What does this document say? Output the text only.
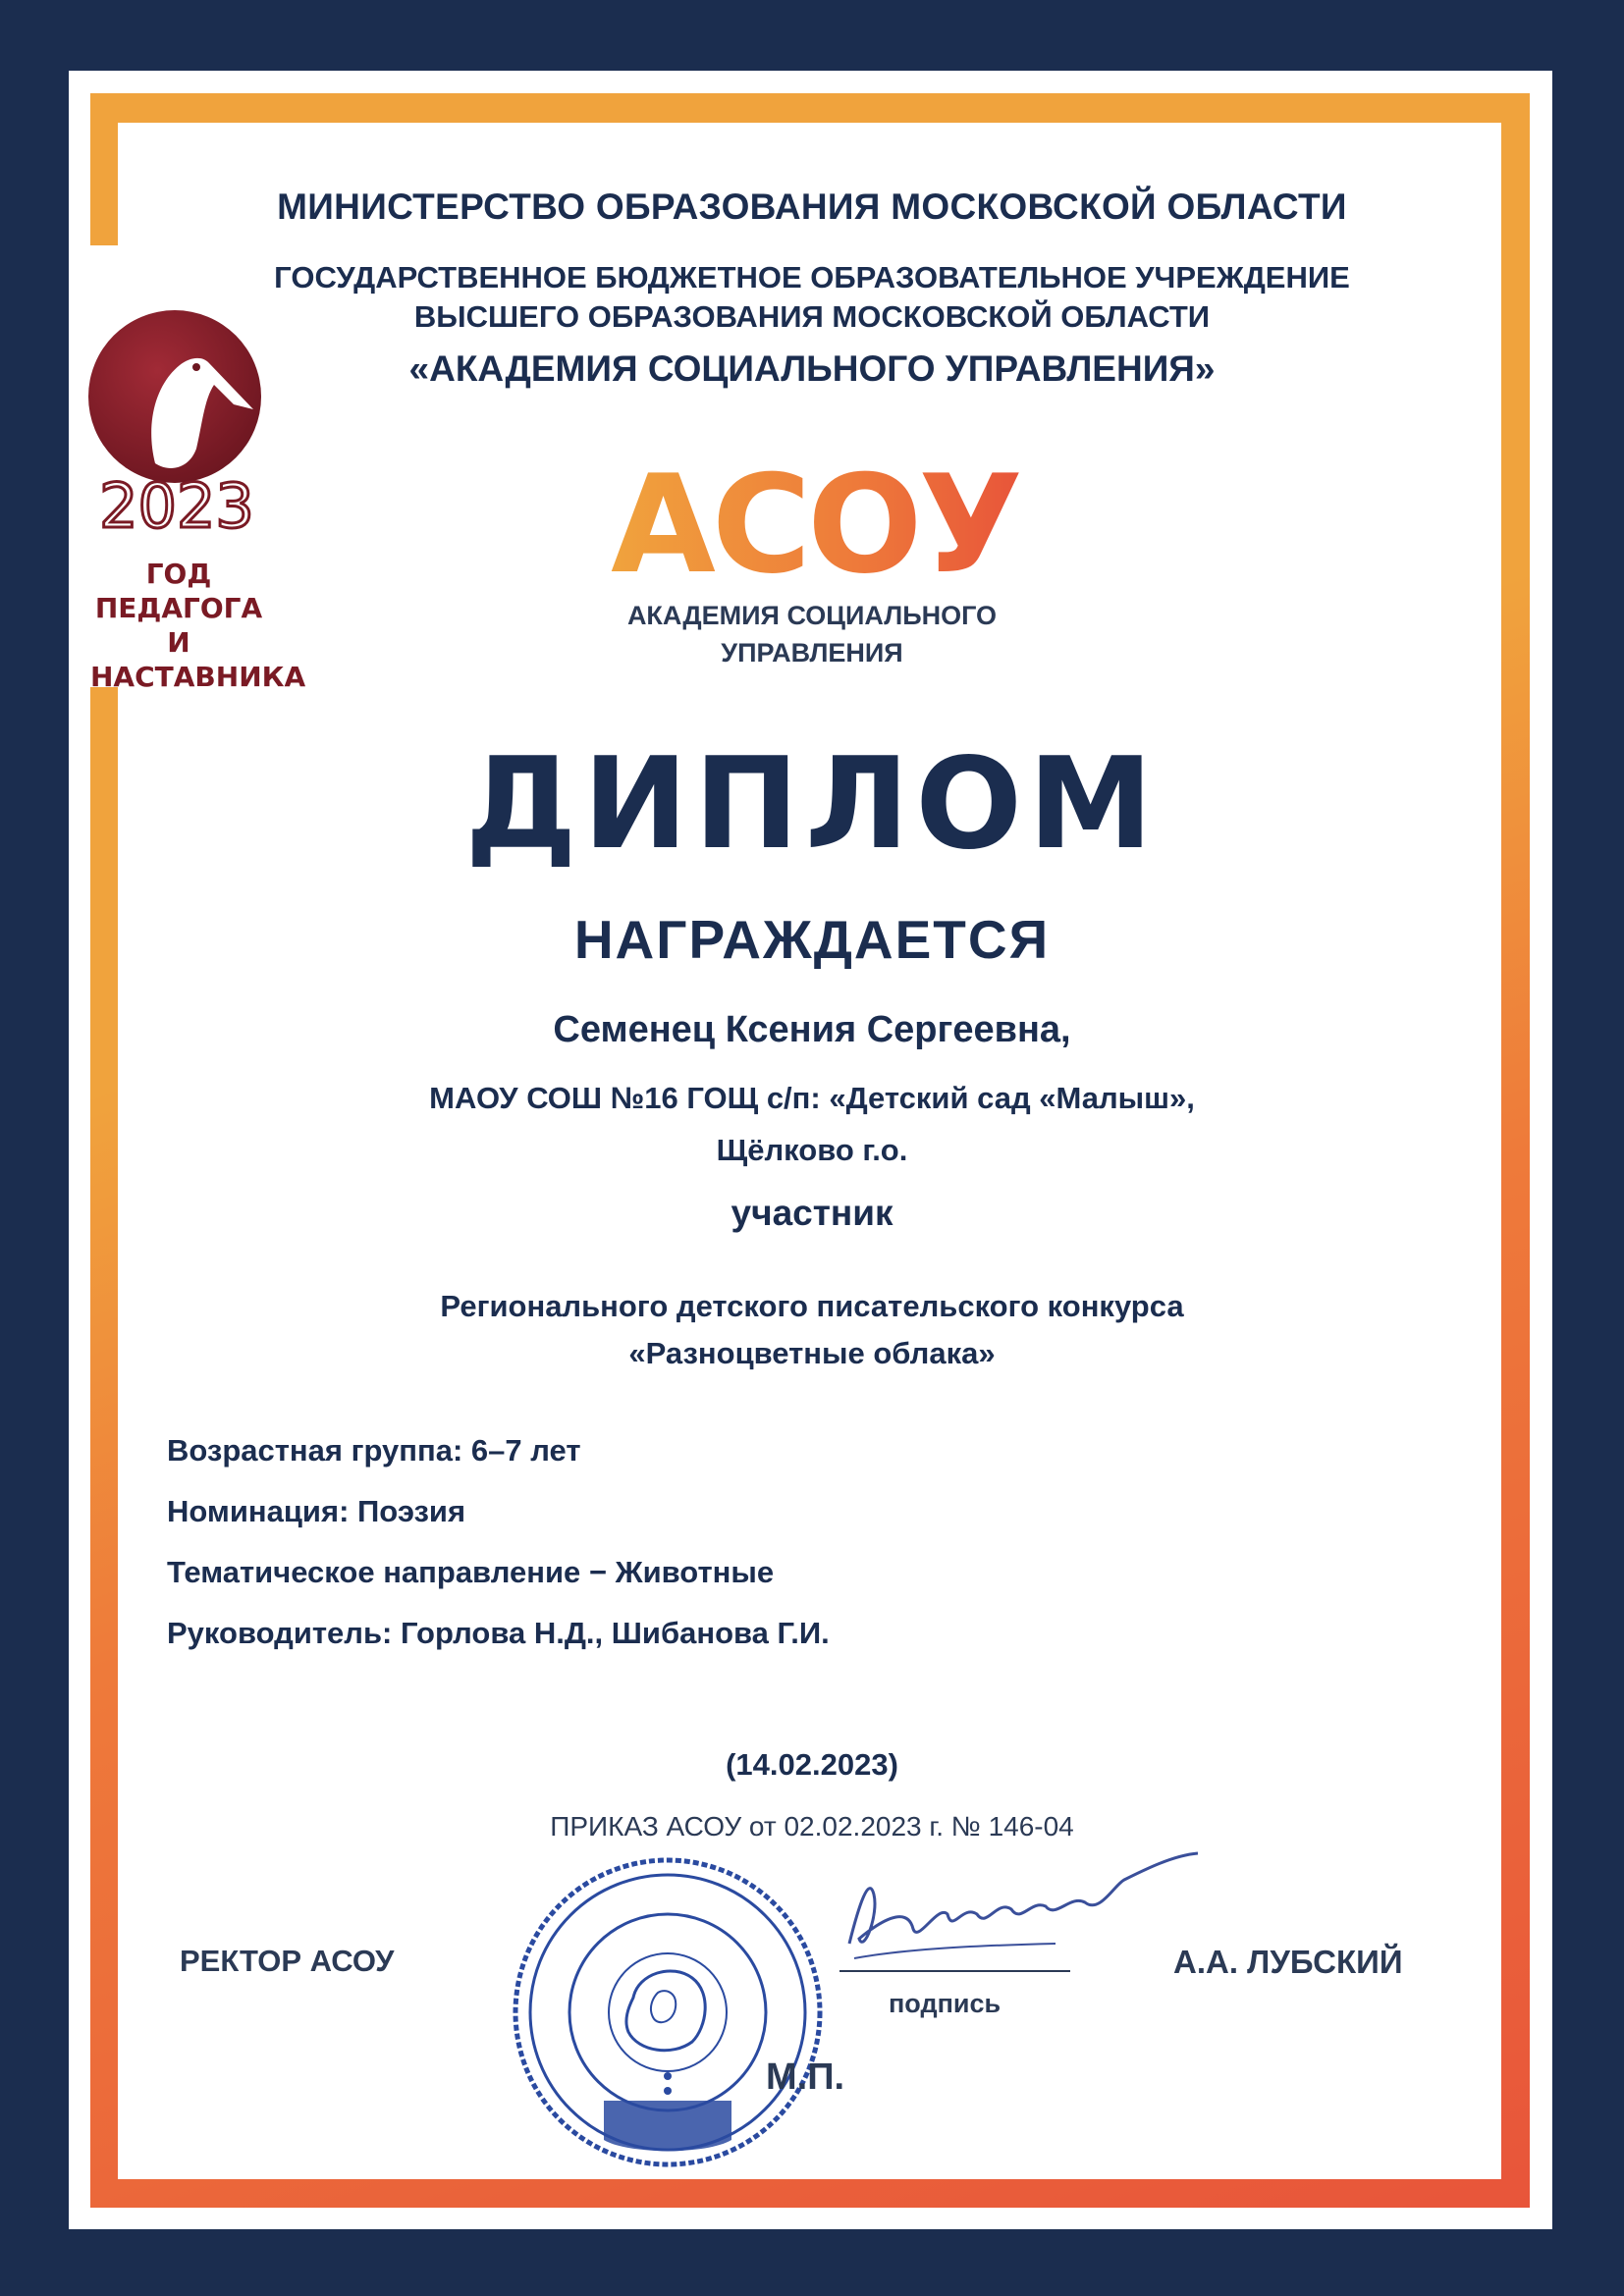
2023
ГОД ПЕДАГОГА
И НАСТАВНИКА
МИНИСТЕРСТВО ОБРАЗОВАНИЯ МОСКОВСКОЙ ОБЛАСТИ
ГОСУДАРСТВЕННОЕ БЮДЖЕТНОЕ ОБРАЗОВАТЕЛЬНОЕ УЧРЕЖДЕНИЕ
ВЫСШЕГО ОБРАЗОВАНИЯ МОСКОВСКОЙ ОБЛАСТИ
«АКАДЕМИЯ СОЦИАЛЬНОГО УПРАВЛЕНИЯ»
АСОУ
АКАДЕМИЯ СОЦИАЛЬНОГО
УПРАВЛЕНИЯ
ДИПЛОМ
НАГРАЖДАЕТСЯ
Семенец Ксения Сергеевна,
МАОУ СОШ №16 ГОЩ с/п: «Детский сад «Малыш»,
Щёлково г.о.
участник
Регионального детского писательского конкурса
«Разноцветные облака»
Возрастная группа: 6–7 лет
Номинация: Поэзия
Тематическое направление − Животные
Руководитель: Горлова Н.Д., Шибанова Г.И.
(14.02.2023)
ПРИКАЗ АСОУ от 02.02.2023 г. № 146-04
РЕКТОР АСОУ
подпись
А.А. ЛУБСКИЙ
М.П.
